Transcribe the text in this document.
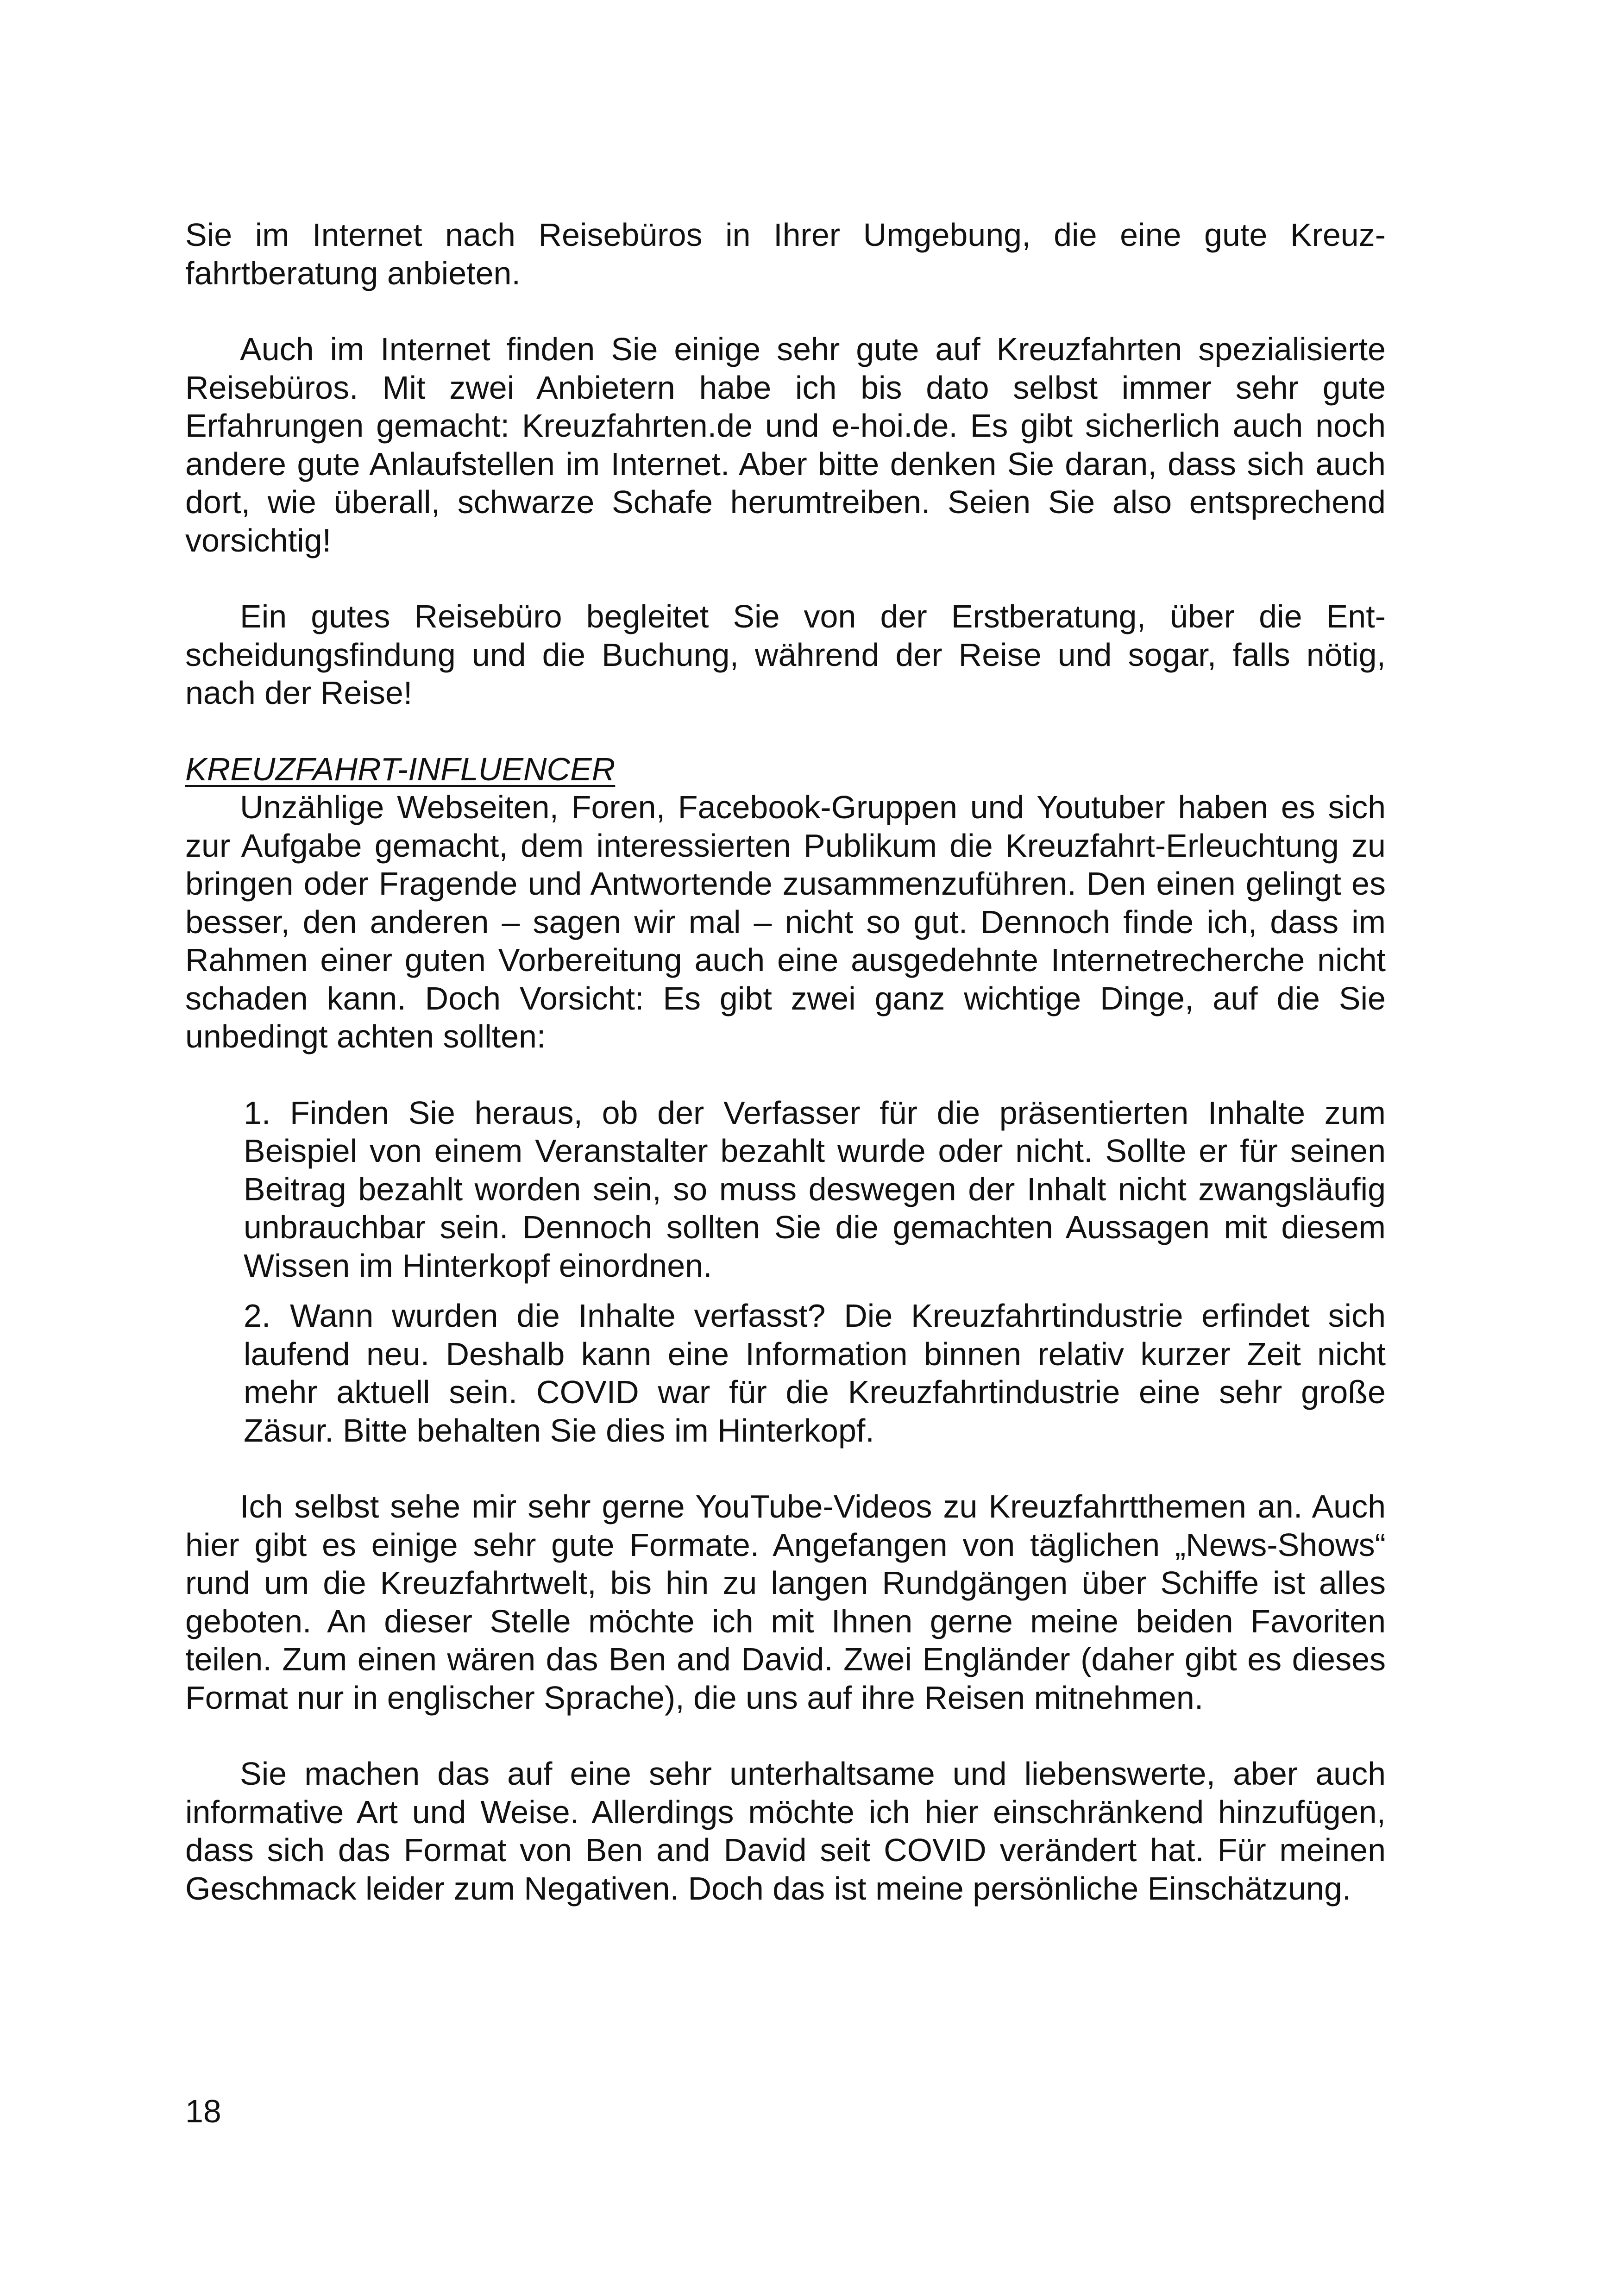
Sie im Internet nach Reisebüros in Ihrer Umgebung, die eine gute Kreuzfahrtberatung anbieten.

Auch im Internet finden Sie einige sehr gute auf Kreuzfahrten spezialisierte Reisebüros. Mit zwei Anbietern habe ich bis dato selbst immer sehr gute Erfahrungen gemacht: Kreuzfahrten.de und e-hoi.de. Es gibt sicherlich auch noch andere gute Anlaufstellen im Internet. Aber bitte denken Sie daran, dass sich auch dort, wie überall, schwarze Schafe herumtreiben. Seien Sie also entsprechend vorsichtig!

Ein gutes Reisebüro begleitet Sie von der Erstberatung, über die Entscheidungsfindung und die Buchung, während der Reise und sogar, falls nötig, nach der Reise!

KREUZFAHRT-INFLUENCER

Unzählige Webseiten, Foren, Facebook-Gruppen und Youtuber haben es sich zur Aufgabe gemacht, dem interessierten Publikum die Kreuzfahrt-Erleuchtung zu bringen oder Fragende und Antwortende zusammenzuführen. Den einen gelingt es besser, den anderen – sagen wir mal – nicht so gut. Dennoch finde ich, dass im Rahmen einer guten Vorbereitung auch eine ausgedehnte Internetrecherche nicht schaden kann. Doch Vorsicht: Es gibt zwei ganz wichtige Dinge, auf die Sie unbedingt achten sollten:

1. Finden Sie heraus, ob der Verfasser für die präsentierten Inhalte zum Beispiel von einem Veranstalter bezahlt wurde oder nicht. Sollte er für seinen Beitrag bezahlt worden sein, so muss deswegen der Inhalt nicht zwangsläufig unbrauchbar sein. Dennoch sollten Sie die gemachten Aussagen mit diesem Wissen im Hinterkopf einordnen.
2. Wann wurden die Inhalte verfasst? Die Kreuzfahrtindustrie erfindet sich laufend neu. Deshalb kann eine Information binnen relativ kurzer Zeit nicht mehr aktuell sein. COVID war für die Kreuzfahrtindustrie eine sehr große Zäsur. Bitte behalten Sie dies im Hinterkopf.

Ich selbst sehe mir sehr gerne YouTube-Videos zu Kreuzfahrtthemen an. Auch hier gibt es einige sehr gute Formate. Angefangen von täglichen „News-Shows“ rund um die Kreuzfahrtwelt, bis hin zu langen Rundgängen über Schiffe ist alles geboten. An dieser Stelle möchte ich mit Ihnen gerne meine beiden Favoriten teilen. Zum einen wären das Ben and David. Zwei Engländer (daher gibt es dieses Format nur in englischer Sprache), die uns auf ihre Reisen mitnehmen.

Sie machen das auf eine sehr unterhaltsame und liebenswerte, aber auch informative Art und Weise. Allerdings möchte ich hier einschränkend hinzufügen, dass sich das Format von Ben and David seit COVID verändert hat. Für meinen Geschmack leider zum Negativen. Doch das ist meine persönliche Einschätzung.

18
